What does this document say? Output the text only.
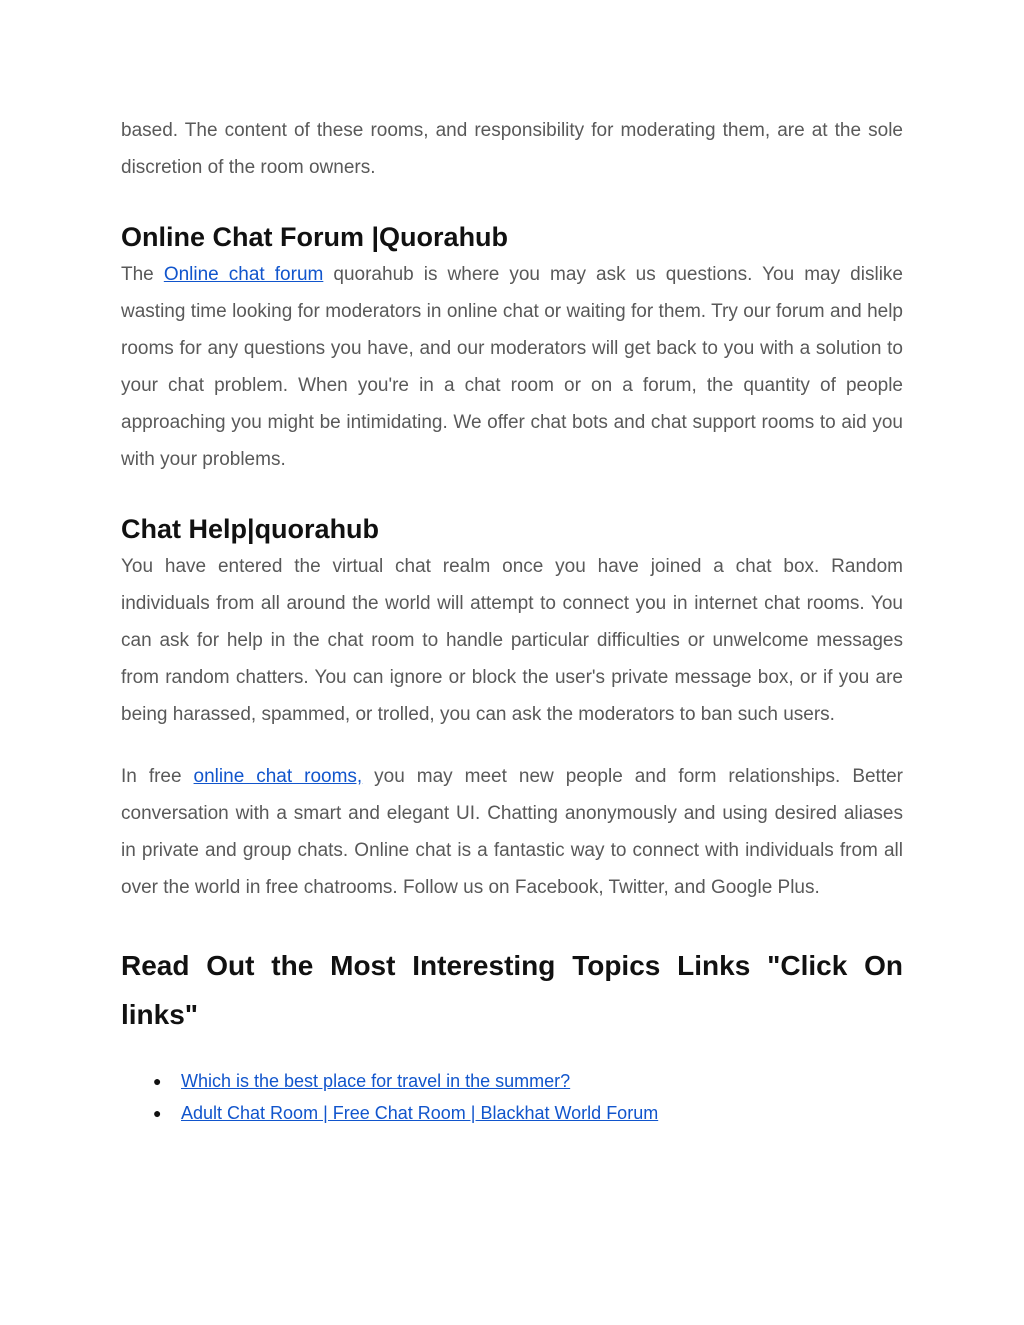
based. The content of these rooms, and responsibility for moderating them, are at the sole discretion of the room owners.

Online Chat Forum |Quorahub

The Online chat forum quorahub is where you may ask us questions. You may dislike wasting time looking for moderators in online chat or waiting for them. Try our forum and help rooms for any questions you have, and our moderators will get back to you with a solution to your chat problem. When you're in a chat room or on a forum, the quantity of people approaching you might be intimidating. We offer chat bots and chat support rooms to aid you with your problems.

Chat Help|quorahub

You have entered the virtual chat realm once you have joined a chat box. Random individuals from all around the world will attempt to connect you in internet chat rooms. You can ask for help in the chat room to handle particular difficulties or unwelcome messages from random chatters. You can ignore or block the user's private message box, or if you are being harassed, spammed, or trolled, you can ask the moderators to ban such users.

In free online chat rooms, you may meet new people and form relationships. Better conversation with a smart and elegant UI. Chatting anonymously and using desired aliases in private and group chats. Online chat is a fantastic way to connect with individuals from all over the world in free chatrooms. Follow us on Facebook, Twitter, and Google Plus.

Read Out the Most Interesting Topics Links "Click On links"
● Which is the best place for travel in the summer?
● Adult Chat Room | Free Chat Room | Blackhat World Forum
